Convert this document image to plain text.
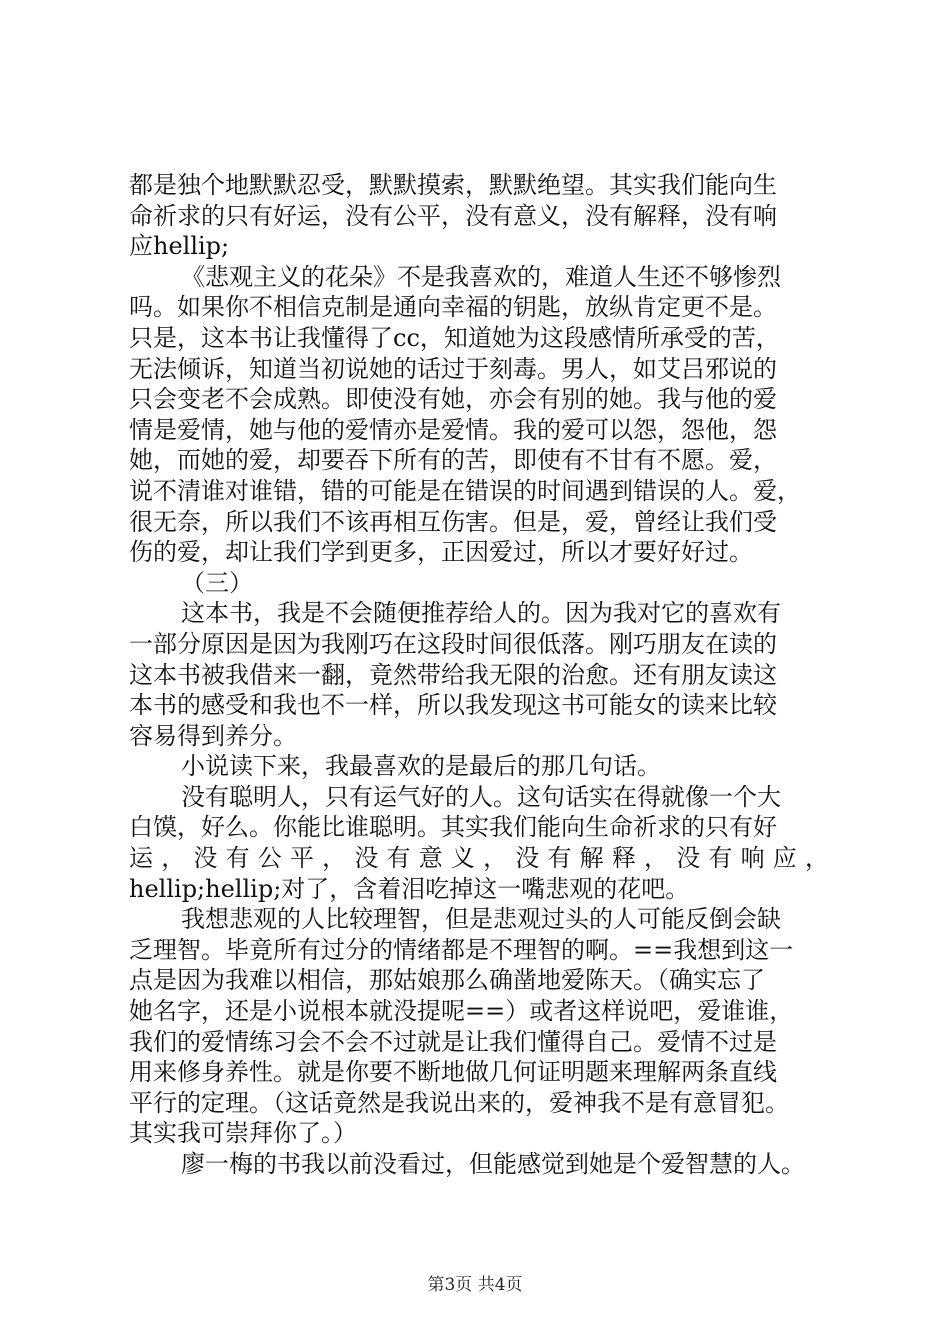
都是独个地默默忍受，默默摸索，默默绝望。其实我们能向生
命祈求的只有好运，没有公平，没有意义，没有解释，没有响
应hellip;
《悲观主义的花朵》不是我喜欢的，难道人生还不够惨烈
吗。如果你不相信克制是通向幸福的钥匙，放纵肯定更不是。
只是，这本书让我懂得了cc，知道她为这段感情所承受的苦，
无法倾诉，知道当初说她的话过于刻毒。男人，如艾吕邪说的
只会变老不会成熟。即使没有她，亦会有别的她。我与他的爱
情是爱情，她与他的爱情亦是爱情。我的爱可以怨，怨他，怨
她，而她的爱，却要吞下所有的苦，即使有不甘有不愿。爱，
说不清谁对谁错，错的可能是在错误的时间遇到错误的人。爱，
很无奈，所以我们不该再相互伤害。但是，爱，曾经让我们受
伤的爱，却让我们学到更多，正因爱过，所以才要好好过。
（三）
这本书，我是不会随便推荐给人的。因为我对它的喜欢有
一部分原因是因为我刚巧在这段时间很低落。刚巧朋友在读的
这本书被我借来一翻，竟然带给我无限的治愈。还有朋友读这
本书的感受和我也不一样，所以我发现这书可能女的读来比较
容易得到养分。
小说读下来，我最喜欢的是最后的那几句话。
没有聪明人，只有运气好的人。这句话实在得就像一个大
白馍，好么。你能比谁聪明。其实我们能向生命祈求的只有好
运，没有公平，没有意义，没有解释，没有响应，
hellip;hellip;对了，含着泪吃掉这一嘴悲观的花吧。
我想悲观的人比较理智，但是悲观过头的人可能反倒会缺
乏理智。毕竟所有过分的情绪都是不理智的啊。==我想到这一
点是因为我难以相信，那姑娘那么确凿地爱陈天。（确实忘了
她名字，还是小说根本就没提呢==）或者这样说吧，爱谁谁，
我们的爱情练习会不会不过就是让我们懂得自己。爱情不过是
用来修身养性。就是你要不断地做几何证明题来理解两条直线
平行的定理。（这话竟然是我说出来的，爱神我不是有意冒犯。
其实我可崇拜你了。）
廖一梅的书我以前没看过，但能感觉到她是个爱智慧的人。
第3页 共4页
